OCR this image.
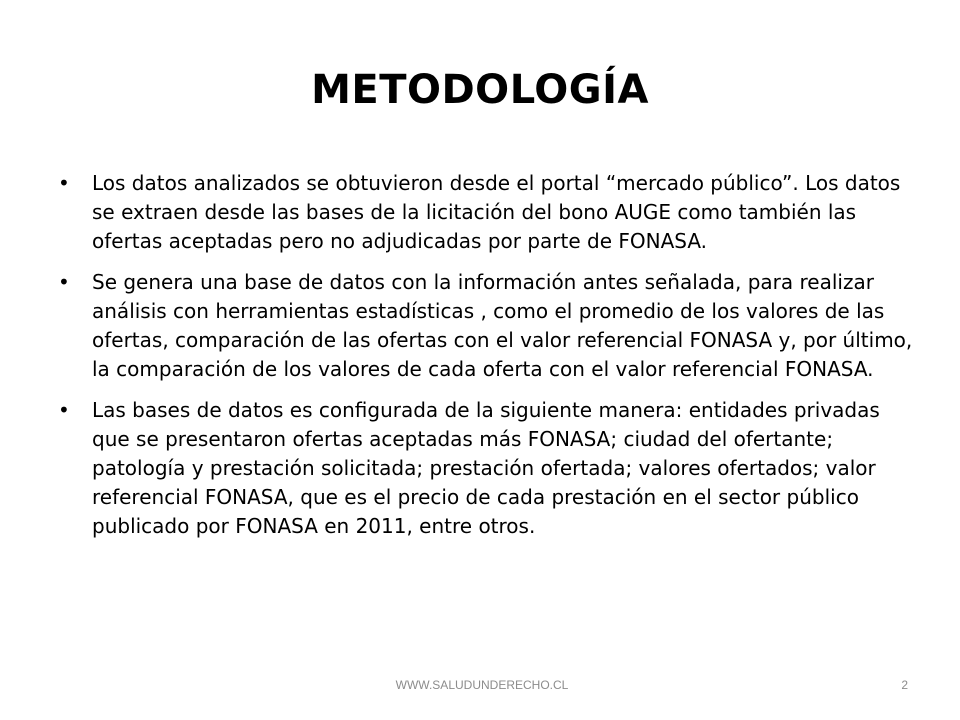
METODOLOGÍA
• Los datos analizados se obtuvieron desde el portal “mercado público”. Los datos se extraen desde las bases de la licitación del bono AUGE como también las ofertas aceptadas pero no adjudicadas por parte de FONASA.
• Se genera una base de datos con la información antes señalada, para realizar análisis con herramientas estadísticas , como el promedio de los valores de las ofertas, comparación de las ofertas con el valor referencial FONASA y, por último, la comparación de los valores de cada oferta con el valor referencial FONASA.
• Las bases de datos es configurada de la siguiente manera: entidades privadas que se presentaron ofertas aceptadas más FONASA; ciudad del ofertante; patología y prestación solicitada; prestación ofertada; valores ofertados; valor referencial FONASA, que es el precio de cada prestación en el sector público publicado por FONASA en 2011, entre otros.
WWW.SALUDUNDERECHO.CL	2
